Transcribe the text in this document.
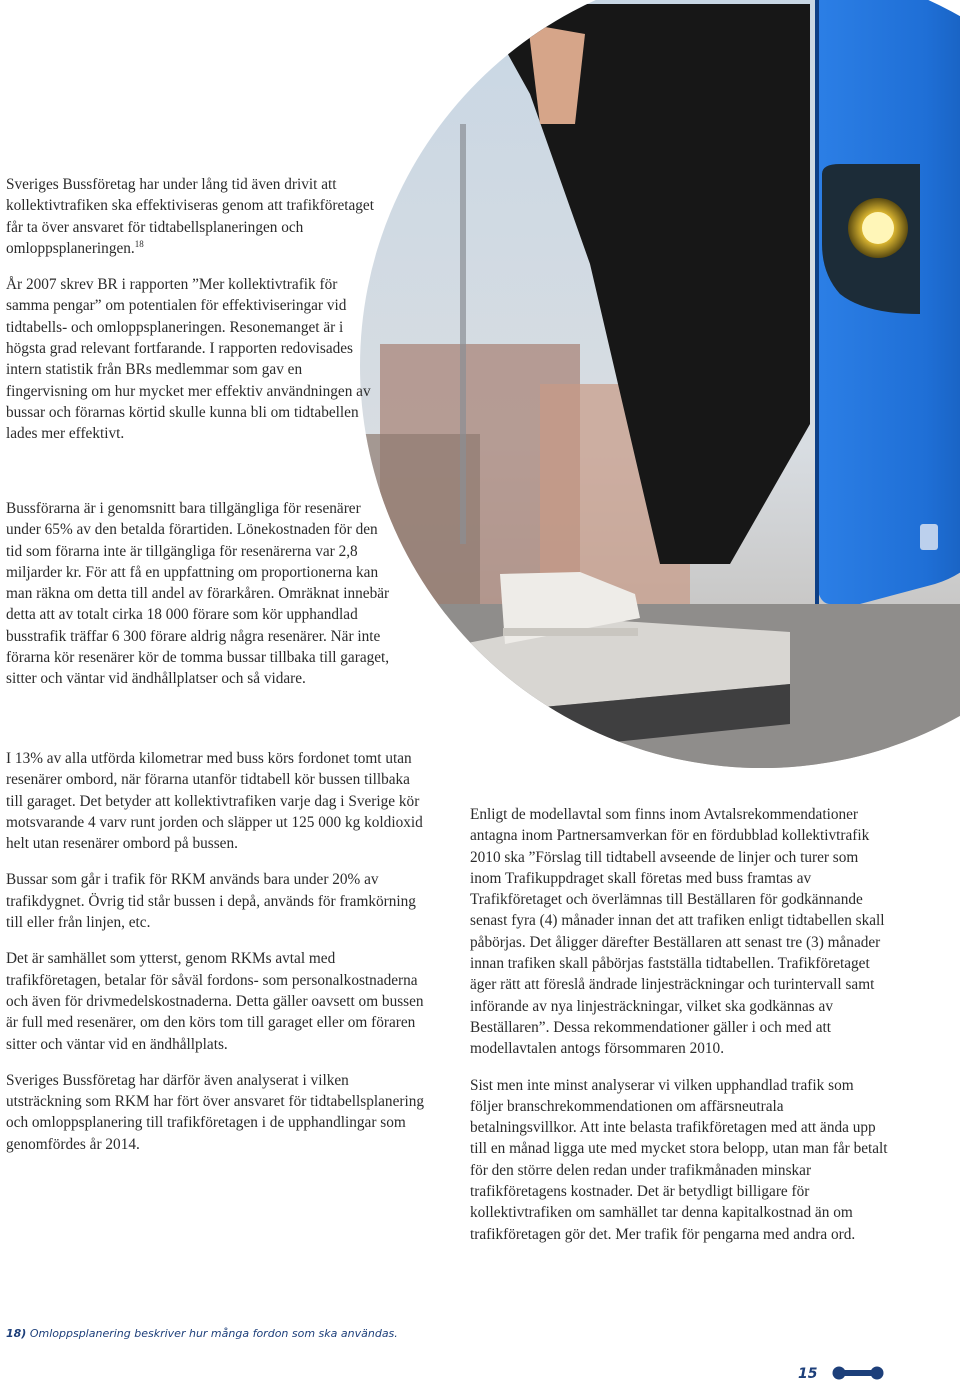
Sveriges Bussföretag har under lång tid även drivit att kollektivtrafiken ska effektiviseras genom att trafikföretaget får ta över ansvaret för tidtabellsplaneringen och omloppsplaneringen.$^{18}$

År 2007 skrev BR i rapporten ”Mer kollektivtrafik för samma pengar” om potentialen för effektiviseringar vid tidtabells- och omloppsplaneringen. Resonemanget är i högsta grad relevant fortfarande. I rapporten redovisades intern statistik från BRs medlemmar som gav en fingervisning om hur mycket mer effektiv användningen av bussar och förarnas körtid skulle kunna bli om tidtabellen lades mer effektivt.

Bussförarna är i genomsnitt bara tillgängliga för resenärer under 65% av den betalda förartiden. Lönekostnaden för den tid som förarna inte är tillgängliga för resenärerna var 2,8 miljarder kr. För att få en uppfattning om proportionerna kan man räkna om detta till andel av förarkåren. Omräknat innebär detta att av totalt cirka 18 000 förare som kör upphandlad busstrafik träffar 6 300 förare aldrig några resenärer. När inte förarna kör resenärer kör de tomma bussar tillbaka till garaget, sitter och väntar vid ändhållplatser och så vidare.

I 13% av alla utförda kilometrar med buss körs fordonet tomt utan resenärer ombord, när förarna utanför tidtabell kör bussen tillbaka till garaget. Det betyder att kollektivtrafiken varje dag i Sverige kör motsvarande 4 varv runt jorden och släpper ut 125 000 kg koldioxid helt utan resenärer ombord på bussen.

Bussar som går i trafik för RKM används bara under 20% av trafikdygnet. Övrig tid står bussen i depå, används för framkörning till eller från linjen, etc.

Det är samhället som ytterst, genom RKMs avtal med trafikföretagen, betalar för såväl fordons- som personalkostnaderna och även för drivmedelskostnaderna. Detta gäller oavsett om bussen är full med resenärer, om den körs tom till garaget eller om föraren sitter och väntar vid en ändhållplats.

Sveriges Bussföretag har därför även analyserat i vilken utsträckning som RKM har fört över ansvaret för tidtabellsplanering och omloppsplanering till trafikföretagen i de upphandlingar som genomfördes år 2014.

Enligt de modellavtal som finns inom Avtalsrekommendationer antagna inom Partnersamverkan för en fördubblad kollektivtrafik 2010 ska ”Förslag till tidtabell avseende de linjer och turer som inom Trafikuppdraget skall företas med buss framtas av Trafikföretaget och överlämnas till Beställaren för godkännande senast fyra (4) månader innan det att trafiken enligt tidtabellen skall påbörjas. Det åligger därefter Beställaren att senast tre (3) månader innan trafiken skall påbörjas fastställa tidtabellen. Trafikföretaget äger rätt att föreslå ändrade linjesträckningar och turintervall samt införande av nya linjesträckningar, vilket ska godkännas av Beställaren”. Dessa rekommendationer gäller i och med att modellavtalen antogs försommaren 2010.

Sist men inte minst analyserar vi vilken upphandlad trafik som följer branschrekommendationen om affärsneutrala betalningsvillkor. Att inte belasta trafikföretagen med att ända upp till en månad ligga ute med mycket stora belopp, utan man får betalt för den större delen redan under trafikmånaden minskar trafikföretagens kostnader. Det är betydligt billigare för kollektivtrafiken om samhället tar denna kapitalkostnad än om trafikföretagen gör det. Mer trafik för pengarna med andra ord.

18) Omloppsplanering beskriver hur många fordon som ska användas.
15
